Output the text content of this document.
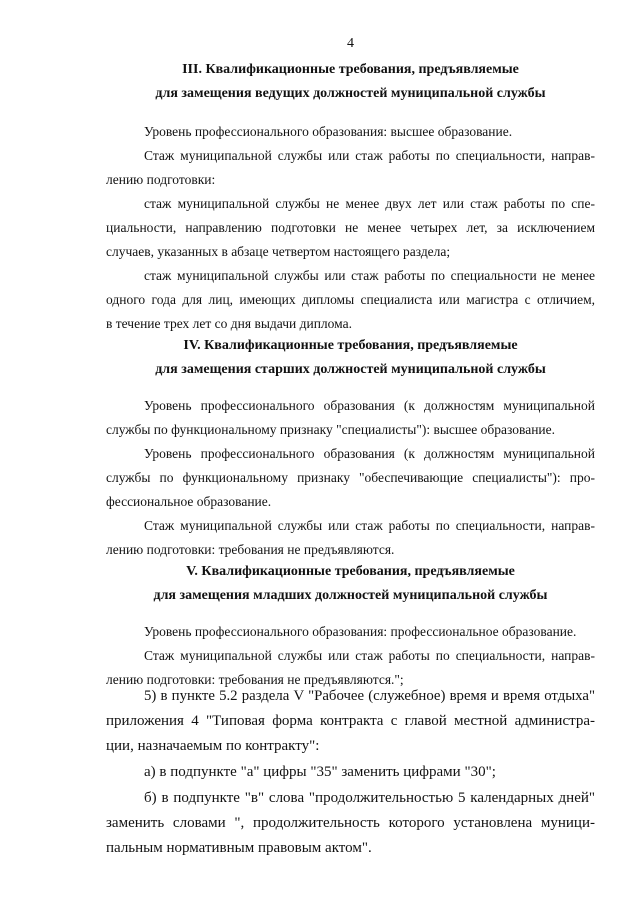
4
III. Квалификационные требования, предъявляемые
для замещения ведущих должностей муниципальной службы
Уровень профессионального образования: высшее образование.
Стаж муниципальной службы или стаж работы по специальности, направ-
лению подготовки:
стаж муниципальной службы не менее двух лет или стаж работы по спе-
циальности, направлению подготовки не менее четырех лет, за исключением
случаев, указанных в абзаце четвертом настоящего раздела;
стаж муниципальной службы или стаж работы по специальности не менее
одного года для лиц, имеющих дипломы специалиста или магистра с отличием,
в течение трех лет со дня выдачи диплома.
IV. Квалификационные требования, предъявляемые
для замещения старших должностей муниципальной службы
Уровень профессионального образования (к должностям муниципальной
службы по функциональному признаку "специалисты"): высшее образование.
Уровень профессионального образования (к должностям муниципальной
службы по функциональному признаку "обеспечивающие специалисты"): про-
фессиональное образование.
Стаж муниципальной службы или стаж работы по специальности, направ-
лению подготовки: требования не предъявляются.
V. Квалификационные требования, предъявляемые
для замещения младших должностей муниципальной службы
Уровень профессионального образования: профессиональное образование.
Стаж муниципальной службы или стаж работы по специальности, направ-
лению подготовки: требования не предъявляются.";
5) в пункте 5.2 раздела V "Рабочее (служебное) время и время отдыха"
приложения 4 "Типовая форма контракта с главой местной администра-
ции, назначаемым по контракту":
а) в подпункте "а" цифры "35" заменить цифрами "30";
б) в подпункте "в" слова "продолжительностью 5 календарных дней"
заменить словами ", продолжительность которого установлена муници-
пальным нормативным правовым актом".
